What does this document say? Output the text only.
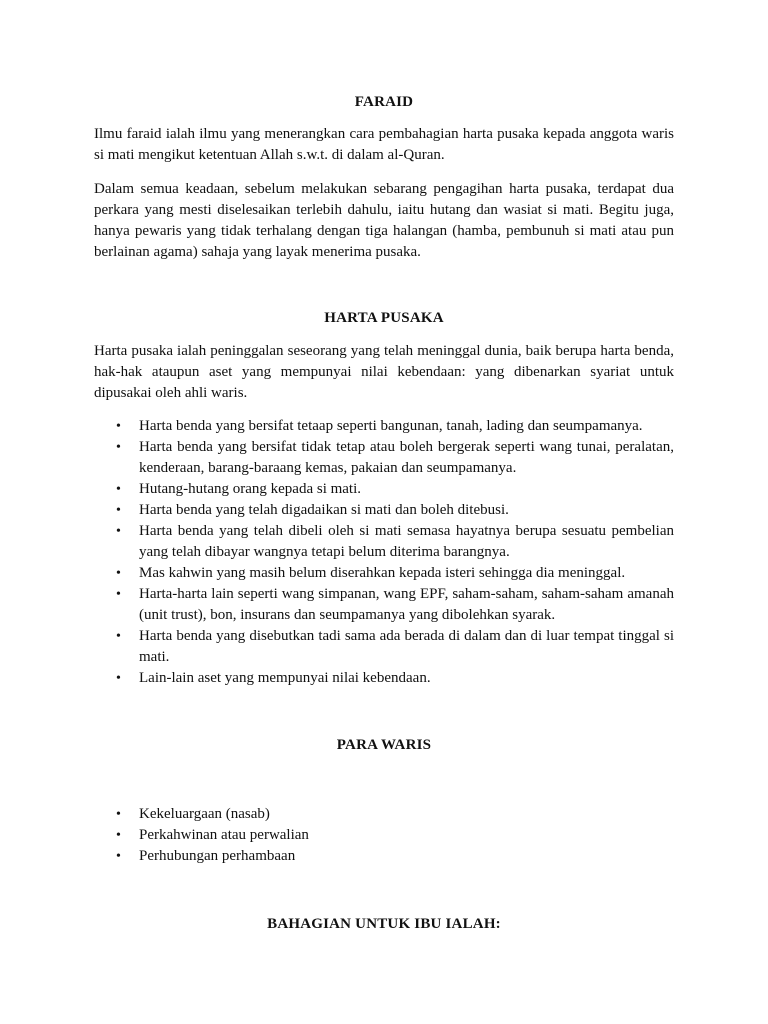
FARAID

Ilmu faraid ialah ilmu yang menerangkan cara pembahagian harta pusaka kepada anggota waris si mati mengikut ketentuan Allah s.w.t. di dalam al-Quran.

Dalam semua keadaan, sebelum melakukan sebarang pengagihan harta pusaka, terdapat dua perkara yang mesti diselesaikan terlebih dahulu, iaitu hutang dan wasiat si mati. Begitu juga, hanya pewaris yang tidak terhalang dengan tiga halangan (hamba, pembunuh si mati atau pun berlainan agama) sahaja yang layak menerima pusaka.

HARTA PUSAKA

Harta pusaka ialah peninggalan seseorang yang telah meninggal dunia, baik berupa harta benda, hak-hak ataupun aset yang mempunyai nilai kebendaan: yang dibenarkan syariat untuk dipusakai oleh ahli waris.

• Harta benda yang bersifat tetaap seperti bangunan, tanah, lading dan seumpamanya.
• Harta benda yang bersifat tidak tetap atau boleh bergerak seperti wang tunai, peralatan, kenderaan, barang-baraang kemas, pakaian dan seumpamanya.
• Hutang-hutang orang kepada si mati.
• Harta benda yang telah digadaikan si mati dan boleh ditebusi.
• Harta benda yang telah dibeli oleh si mati semasa hayatnya berupa sesuatu pembelian yang telah dibayar wangnya tetapi belum diterima barangnya.
• Mas kahwin yang masih belum diserahkan kepada isteri sehingga dia meninggal.
• Harta-harta lain seperti wang simpanan, wang EPF, saham-saham, saham-saham amanah (unit trust), bon, insurans dan seumpamanya yang dibolehkan syarak.
• Harta benda yang disebutkan tadi sama ada berada di dalam dan di luar tempat tinggal si mati.
• Lain-lain aset yang mempunyai nilai kebendaan.
PARA WARIS
• Kekeluargaan (nasab)
• Perkahwinan atau perwalian
• Perhubungan perhambaan
BAHAGIAN UNTUK IBU IALAH:
